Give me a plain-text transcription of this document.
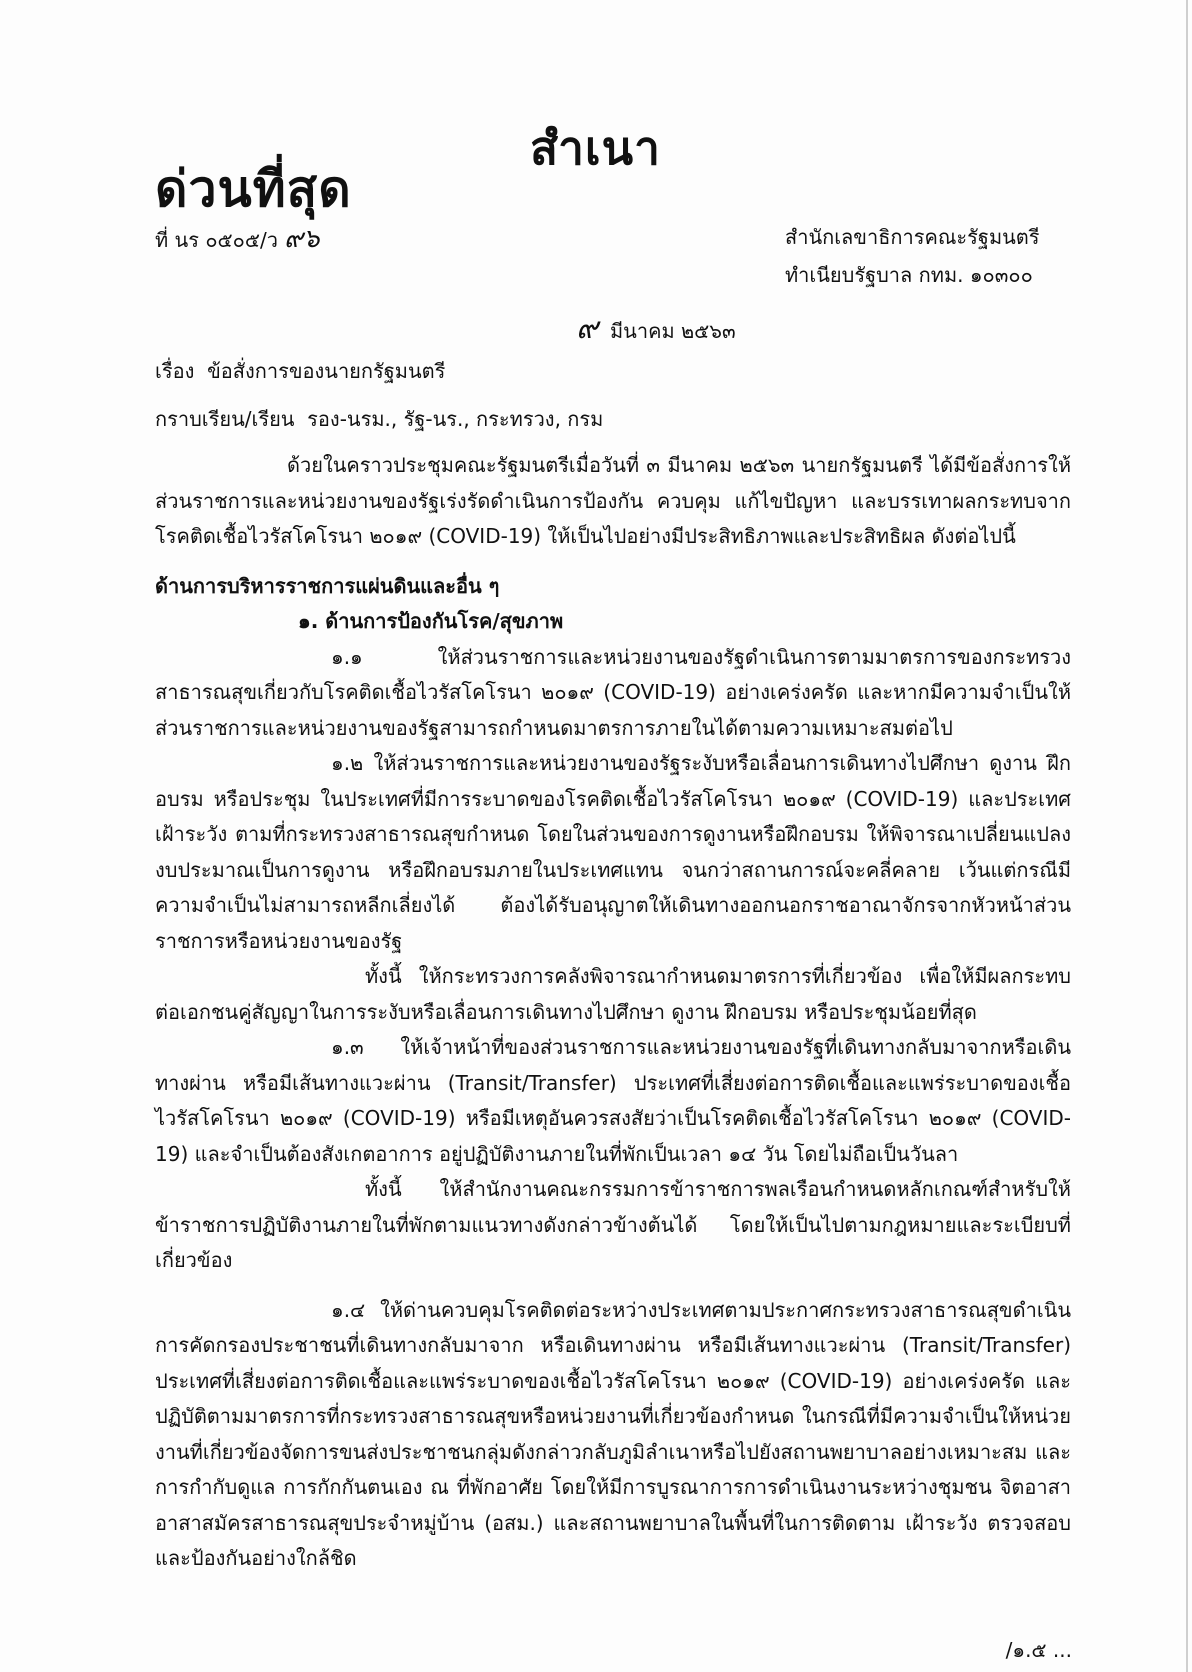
สำเนา
ด่วนที่สุด
ที่ นร ๐๕๐๕/ว ๙๖	สำนักเลขาธิการคณะรัฐมนตรี
ทำเนียบรัฐบาล กทม. ๑๐๓๐๐
๙ มีนาคม ๒๕๖๓
เรื่อง ข้อสั่งการของนายกรัฐมนตรี
กราบเรียน/เรียน รอง-นรม., รัฐ-นร., กระทรวง, กรม

ด้วยในคราวประชุมคณะรัฐมนตรีเมื่อวันที่ ๓ มีนาคม ๒๕๖๓ นายกรัฐมนตรี ได้มีข้อสั่งการให้ส่วนราชการและหน่วยงานของรัฐเร่งรัดดำเนินการป้องกัน ควบคุม แก้ไขปัญหา และบรรเทาผลกระทบจากโรคติดเชื้อไวรัสโคโรนา ๒๐๑๙ (COVID-19) ให้เป็นไปอย่างมีประสิทธิภาพและประสิทธิผล ดังต่อไปนี้

ด้านการบริหารราชการแผ่นดินและอื่น ๆ

๑. ด้านการป้องกันโรค/สุขภาพ

๑.๑ ให้ส่วนราชการและหน่วยงานของรัฐดำเนินการตามมาตรการของกระทรวงสาธารณสุขเกี่ยวกับโรคติดเชื้อไวรัสโคโรนา ๒๐๑๙ (COVID-19) อย่างเคร่งครัด และหากมีความจำเป็นให้ส่วนราชการและหน่วยงานของรัฐสามารถกำหนดมาตรการภายในได้ตามความเหมาะสมต่อไป

๑.๒ ให้ส่วนราชการและหน่วยงานของรัฐระงับหรือเลื่อนการเดินทางไปศึกษา ดูงาน ฝึกอบรม หรือประชุม ในประเทศที่มีการระบาดของโรคติดเชื้อไวรัสโคโรนา ๒๐๑๙ (COVID-19) และประเทศเฝ้าระวัง ตามที่กระทรวงสาธารณสุขกำหนด โดยในส่วนของการดูงานหรือฝึกอบรม ให้พิจารณาเปลี่ยนแปลงงบประมาณเป็นการดูงาน หรือฝึกอบรมภายในประเทศแทน จนกว่าสถานการณ์จะคลี่คลาย เว้นแต่กรณีมีความจำเป็นไม่สามารถหลีกเลี่ยงได้ ต้องได้รับอนุญาตให้เดินทางออกนอกราชอาณาจักรจากหัวหน้าส่วนราชการหรือหน่วยงานของรัฐ

ทั้งนี้ ให้กระทรวงการคลังพิจารณากำหนดมาตรการที่เกี่ยวข้อง เพื่อให้มีผลกระทบต่อเอกชนคู่สัญญาในการระงับหรือเลื่อนการเดินทางไปศึกษา ดูงาน ฝึกอบรม หรือประชุมน้อยที่สุด

๑.๓ ให้เจ้าหน้าที่ของส่วนราชการและหน่วยงานของรัฐที่เดินทางกลับมาจากหรือเดินทางผ่าน หรือมีเส้นทางแวะผ่าน (Transit/Transfer) ประเทศที่เสี่ยงต่อการติดเชื้อและแพร่ระบาดของเชื้อไวรัสโคโรนา ๒๐๑๙ (COVID-19) หรือมีเหตุอันควรสงสัยว่าเป็นโรคติดเชื้อไวรัสโคโรนา ๒๐๑๙ (COVID-19) และจำเป็นต้องสังเกตอาการ อยู่ปฏิบัติงานภายในที่พักเป็นเวลา ๑๔ วัน โดยไม่ถือเป็นวันลา

ทั้งนี้ ให้สำนักงานคณะกรรมการข้าราชการพลเรือนกำหนดหลักเกณฑ์สำหรับให้ข้าราชการปฏิบัติงานภายในที่พักตามแนวทางดังกล่าวข้างต้นได้ โดยให้เป็นไปตามกฎหมายและระเบียบที่เกี่ยวข้อง

๑.๔ ให้ด่านควบคุมโรคติดต่อระหว่างประเทศตามประกาศกระทรวงสาธารณสุขดำเนินการคัดกรองประชาชนที่เดินทางกลับมาจาก หรือเดินทางผ่าน หรือมีเส้นทางแวะผ่าน (Transit/Transfer) ประเทศที่เสี่ยงต่อการติดเชื้อและแพร่ระบาดของเชื้อไวรัสโคโรนา ๒๐๑๙ (COVID-19) อย่างเคร่งครัด และปฏิบัติตามมาตรการที่กระทรวงสาธารณสุขหรือหน่วยงานที่เกี่ยวข้องกำหนด ในกรณีที่มีความจำเป็นให้หน่วยงานที่เกี่ยวข้องจัดการขนส่งประชาชนกลุ่มดังกล่าวกลับภูมิลำเนาหรือไปยังสถานพยาบาลอย่างเหมาะสม และการกำกับดูแล การกักกันตนเอง ณ ที่พักอาศัย โดยให้มีการบูรณาการการดำเนินงานระหว่างชุมชน จิตอาสา อาสาสมัครสาธารณสุขประจำหมู่บ้าน (อสม.) และสถานพยาบาลในพื้นที่ในการติดตาม เฝ้าระวัง ตรวจสอบ และป้องกันอย่างใกล้ชิด

/๑.๕ ...
